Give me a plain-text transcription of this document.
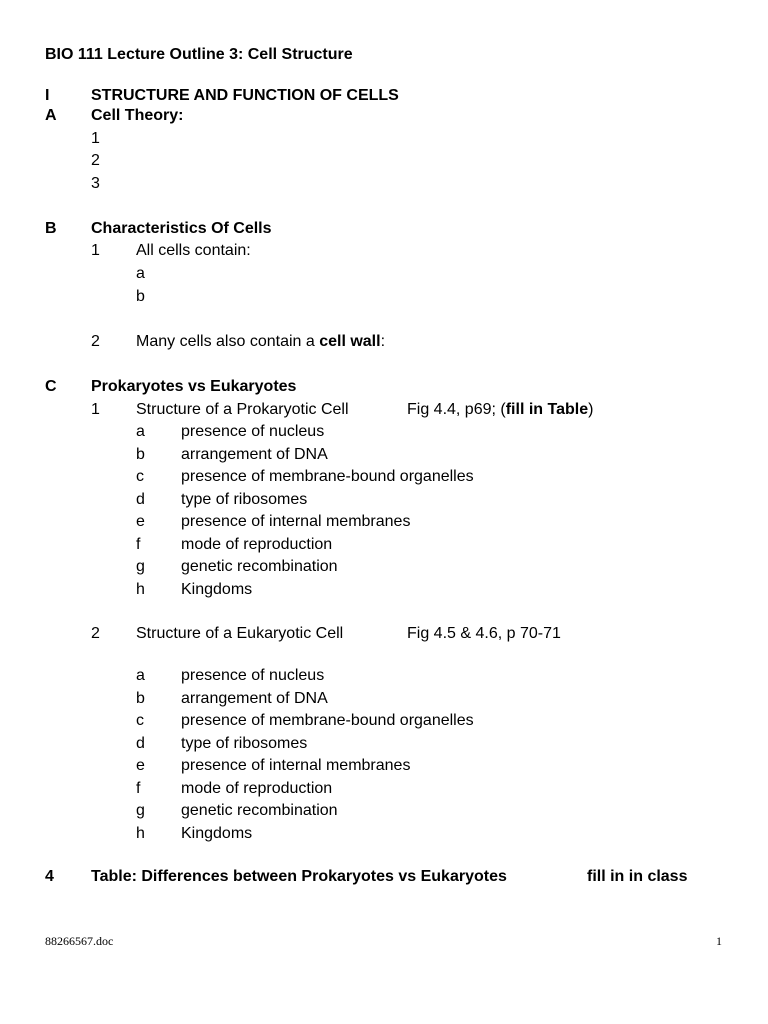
BIO 111 Lecture Outline 3: Cell Structure
I	STRUCTURE AND FUNCTION OF CELLS
A Cell Theory:
1
2
3
B Characteristics Of Cells
1 All cells contain:
a
b
2 Many cells also contain a cell wall:
C Prokaryotes vs Eukaryotes
1 Structure of a Prokaryotic Cell	Fig 4.4, p69; (fill in Table)
a presence of nucleus
b arrangement of DNA
c presence of membrane-bound organelles
d type of ribosomes
e presence of internal membranes
f	mode of reproduction
g genetic recombination
h Kingdoms
2 Structure of a Eukaryotic Cell	Fig 4.5 & 4.6, p 70-71
a presence of nucleus
b arrangement of DNA
c presence of membrane-bound organelles
d type of ribosomes
e presence of internal membranes
f	mode of reproduction
g genetic recombination
h Kingdoms
4 Table: Differences between Prokaryotes vs Eukaryotes	fill in in class
88266567.doc	1
